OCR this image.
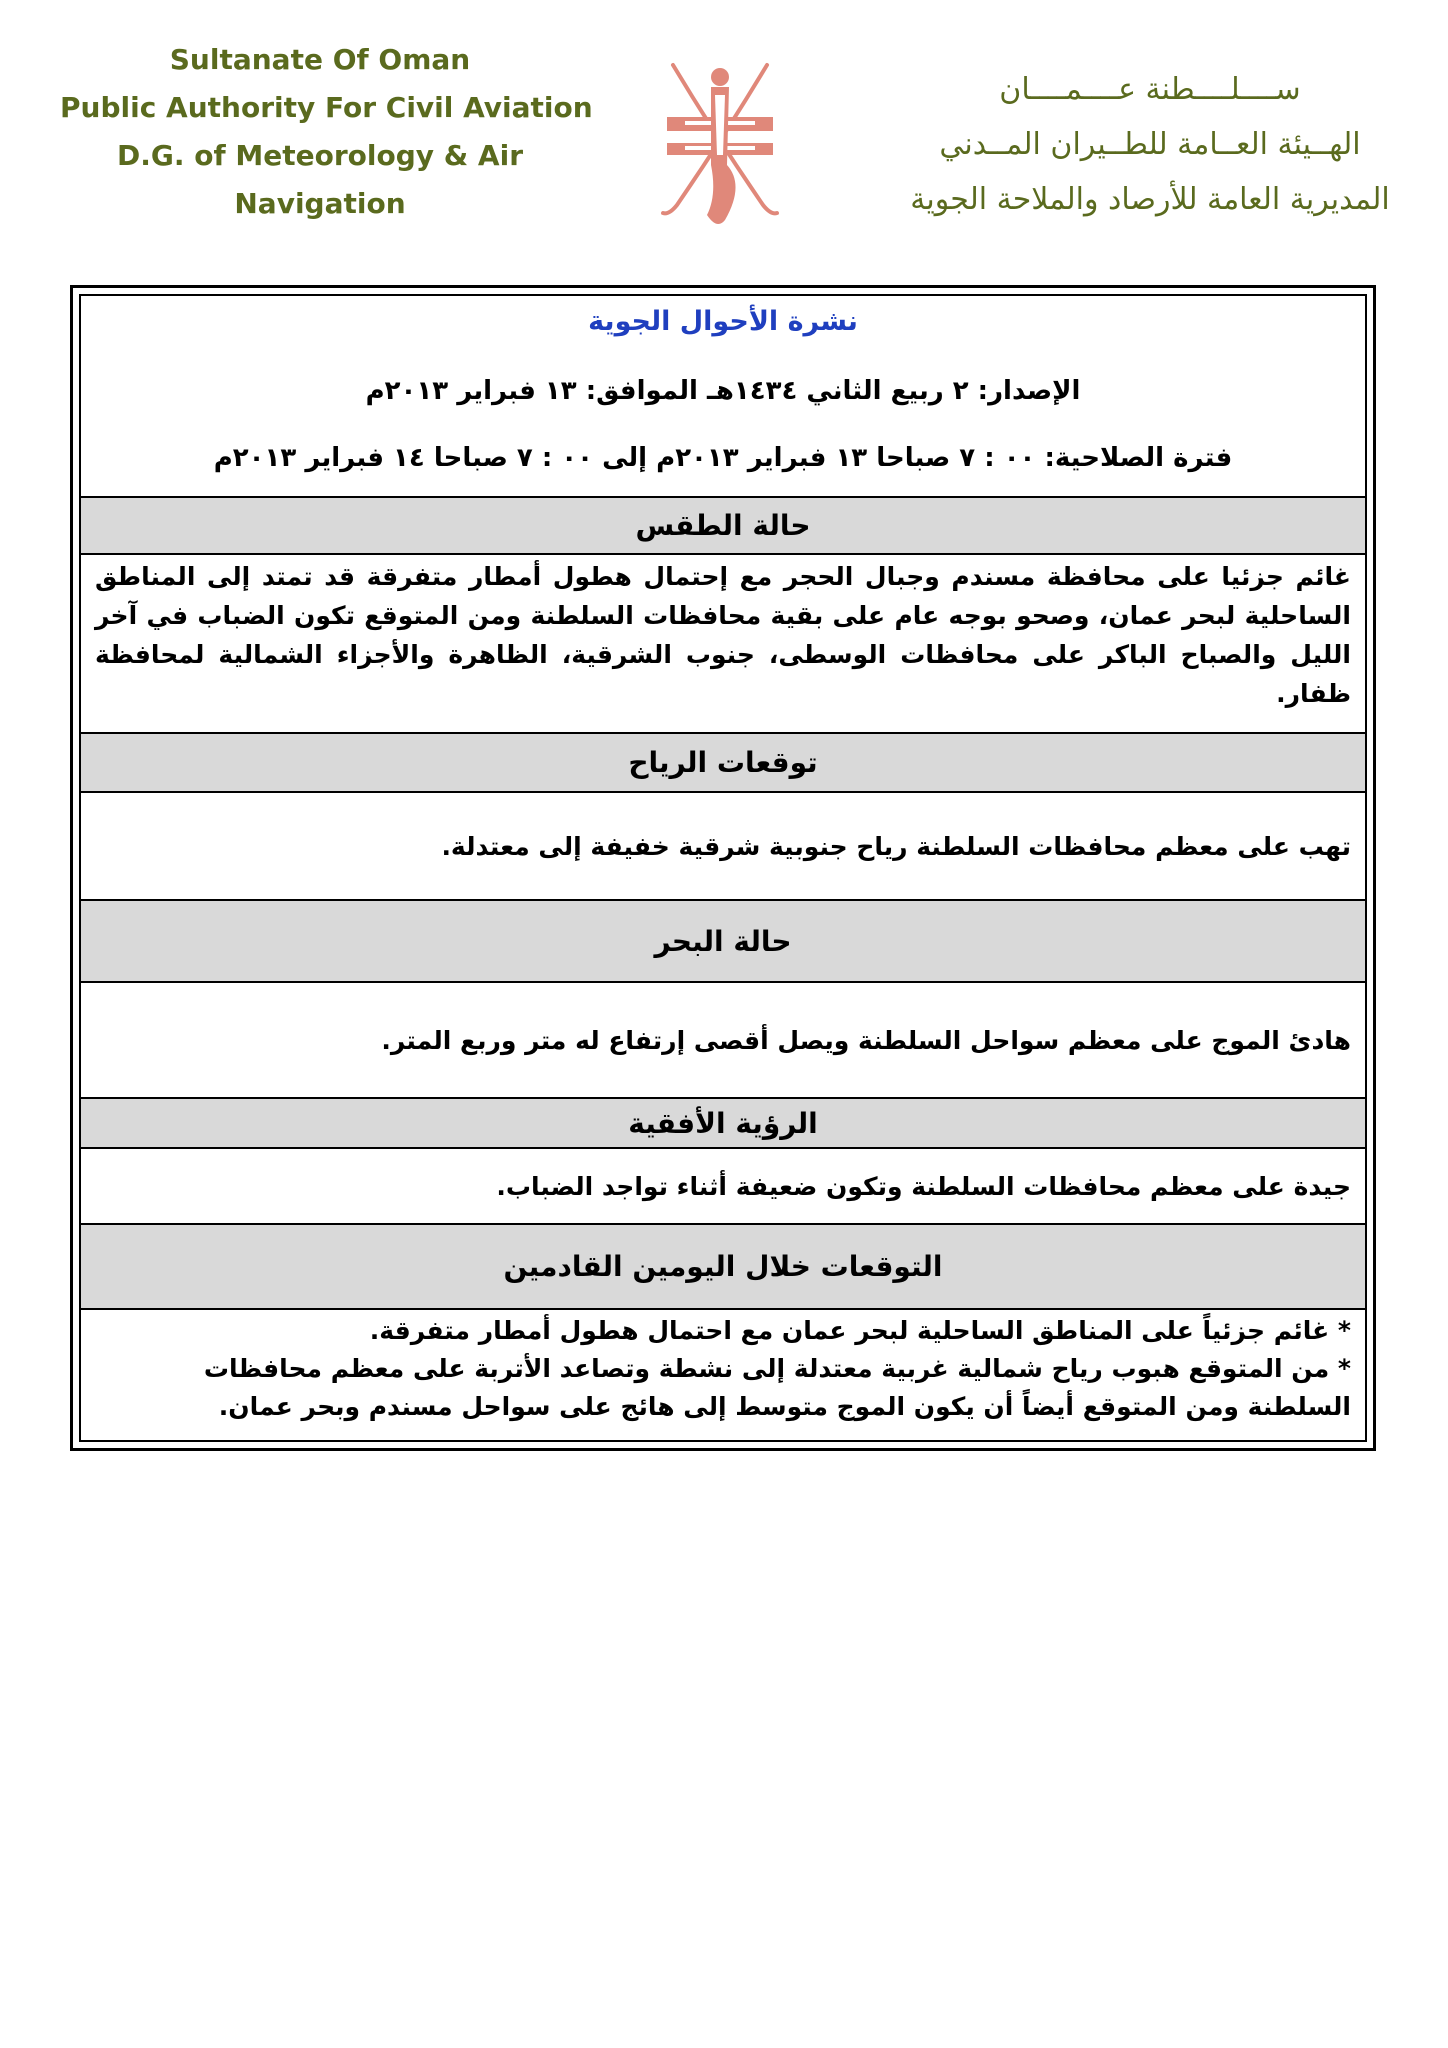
Sultanate Of Oman
Public Authority For Civil Aviation
D.G. of Meteorology & Air
Navigation
ســــلــــطنة عــــمــــان
الهــيئة العــامة للطــيران المــدني
المديرية العامة للأرصاد والملاحة الجوية
نشرة الأحوال الجوية
الإصدار: ٢ ربيع الثاني ١٤٣٤هـ الموافق: ١٣ فبراير ٢٠١٣م
فترة الصلاحية: ٠٠ : ٧ صباحا ١٣ فبراير ٢٠١٣م إلى ٠٠ : ٧ صباحا ١٤ فبراير ٢٠١٣م
حالة الطقس
غائم جزئيا على محافظة مسندم وجبال الحجر مع إحتمال هطول أمطار متفرقة قد تمتد إلى المناطق الساحلية لبحر عمان، وصحو بوجه عام على بقية محافظات السلطنة ومن المتوقع تكون الضباب في آخر الليل والصباح الباكر على محافظات الوسطى، جنوب الشرقية، الظاهرة والأجزاء الشمالية لمحافظة ظفار.
توقعات الرياح
تهب على معظم محافظات السلطنة رياح جنوبية شرقية خفيفة إلى معتدلة.
حالة البحر
هادئ الموج على معظم سواحل السلطنة ويصل أقصى إرتفاع له متر وربع المتر.
الرؤية الأفقية
جيدة على معظم محافظات السلطنة وتكون ضعيفة أثناء تواجد الضباب.
التوقعات خلال اليومين القادمين

* غائم جزئياً على المناطق الساحلية لبحر عمان مع احتمال هطول أمطار متفرقة.

* من المتوقع هبوب رياح شمالية غربية معتدلة إلى نشطة وتصاعد الأتربة على معظم محافظات السلطنة ومن المتوقع أيضاً أن يكون الموج متوسط إلى هائج على سواحل مسندم وبحر عمان.
